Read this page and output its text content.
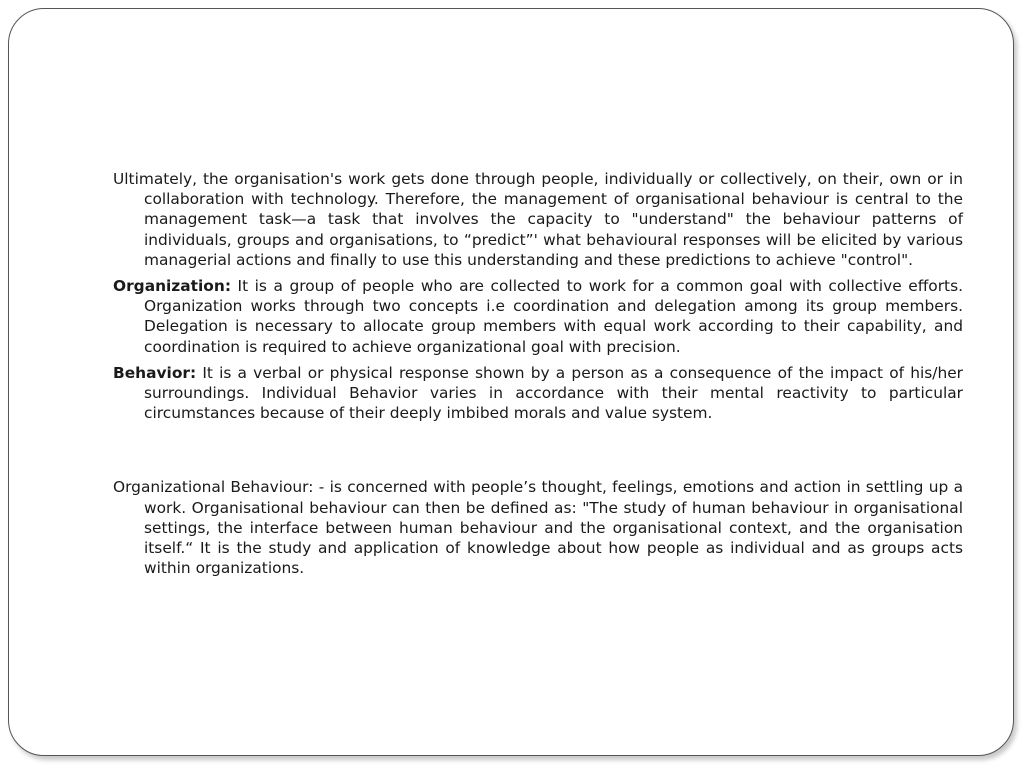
Ultimately, the organisation's work gets done through people, individually or collectively, on their, own or in collaboration with technology. Therefore, the management of organisational behaviour is central to the management task—a task that involves the capacity to "understand" the behaviour patterns of individuals, groups and organisations, to “predict”' what behavioural responses will be elicited by various managerial actions and finally to use this understanding and these predictions to achieve "control".

Organization: It is a group of people who are collected to work for a common goal with collective efforts. Organization works through two concepts i.e coordination and delegation among its group members. Delegation is necessary to allocate group members with equal work according to their capability, and coordination is required to achieve organizational goal with precision.

Behavior: It is a verbal or physical response shown by a person as a consequence of the impact of his/her surroundings. Individual Behavior varies in accordance with their mental reactivity to particular circumstances because of their deeply imbibed morals and value system.

Organizational Behaviour: - is concerned with people’s thought, feelings, emotions and action in settling up a work. Organisational behaviour can then be defined as: "The study of human behaviour in organisational settings, the interface between human behaviour and the organisational context, and the organisation itself.“ It is the study and application of knowledge about how people as individual and as groups acts within organizations.
